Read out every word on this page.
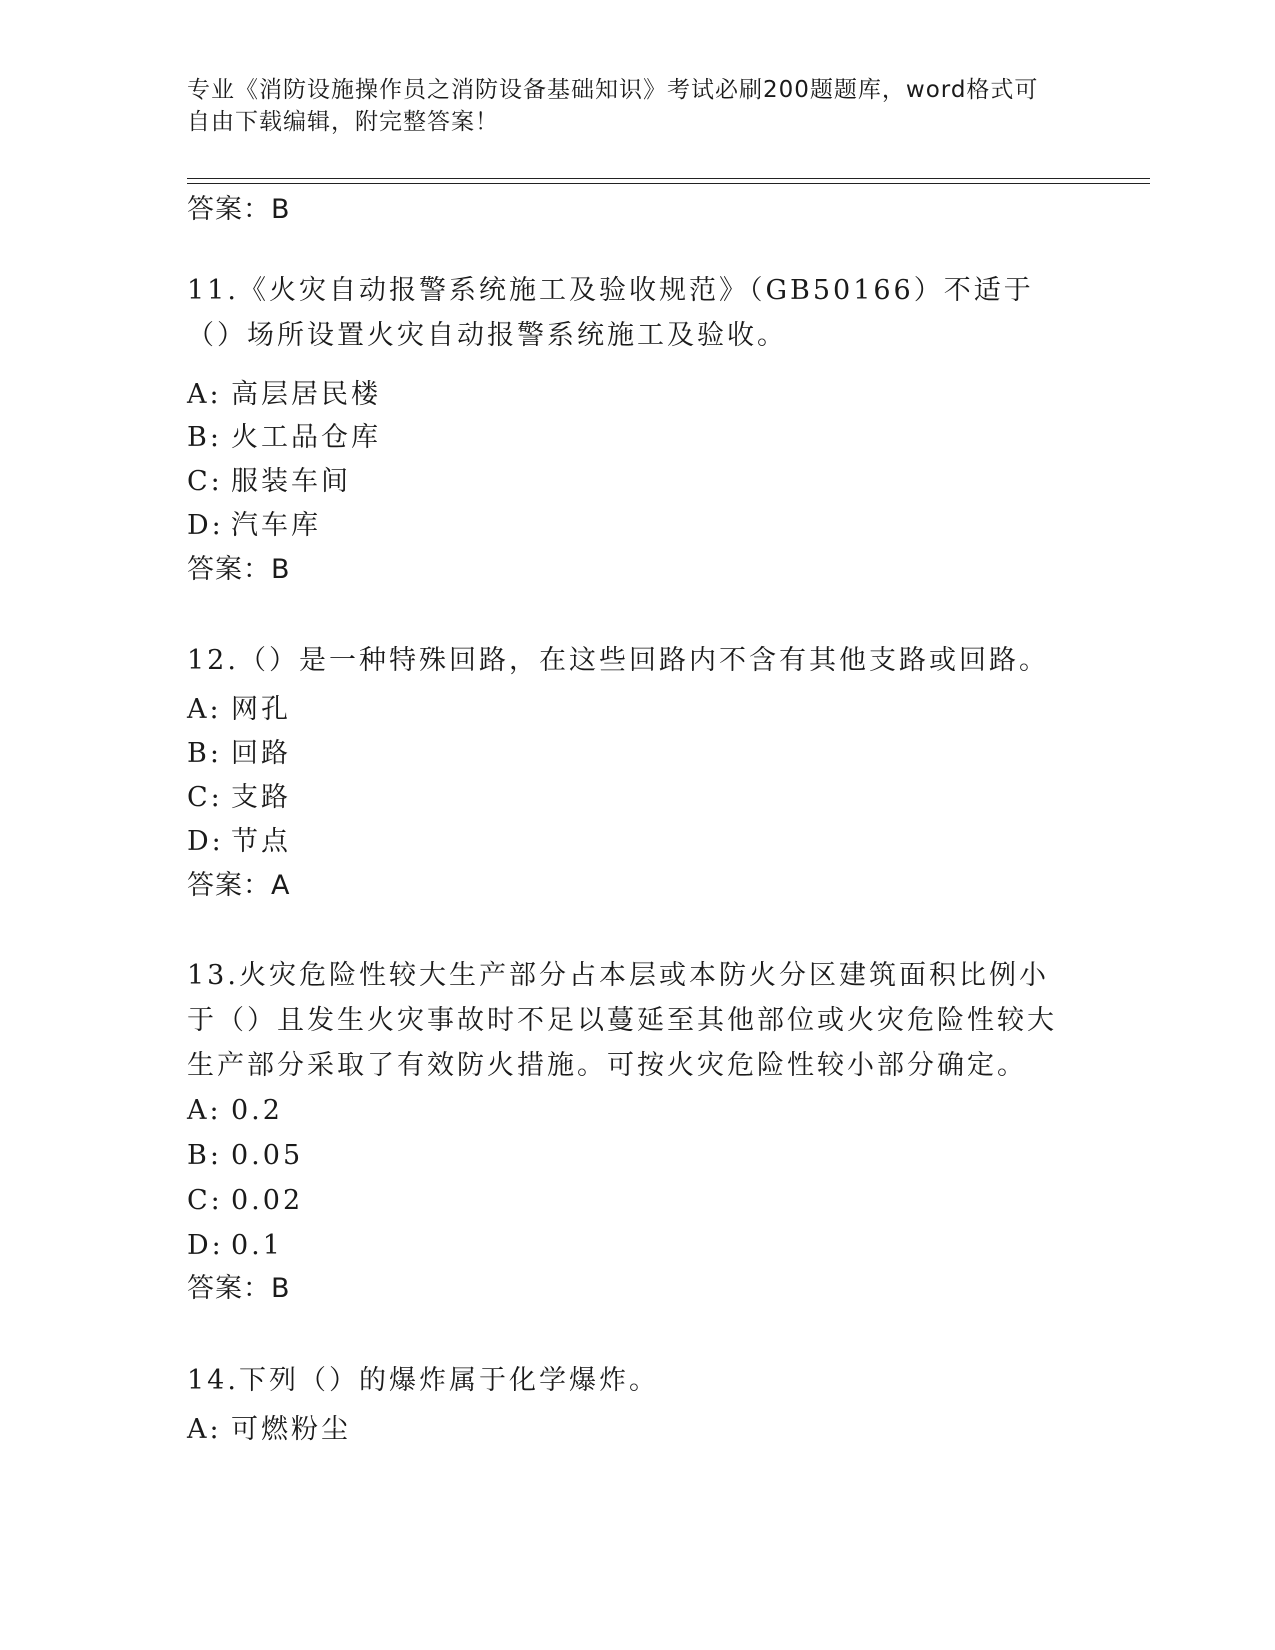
专业《消防设施操作员之消防设备基础知识》考试必刷200题题库，word格式可
自由下载编辑，附完整答案！
答案：B
11.《火灾自动报警系统施工及验收规范》（GB50166）不适于（）场所设置火灾自动报警系统施工及验收。
A: 高层居民楼
B: 火工品仓库
C: 服装车间
D: 汽车库
答案：B
12.（）是一种特殊回路，在这些回路内不含有其他支路或回路。
A: 网孔
B: 回路
C: 支路
D: 节点
答案：A
13.火灾危险性较大生产部分占本层或本防火分区建筑面积比例小于（）且发生火灾事故时不足以蔓延至其他部位或火灾危险性较大生产部分采取了有效防火措施。可按火灾危险性较小部分确定。
A: 0.2
B: 0.05
C: 0.02
D: 0.1
答案：B
14.下列（）的爆炸属于化学爆炸。
A: 可燃粉尘
